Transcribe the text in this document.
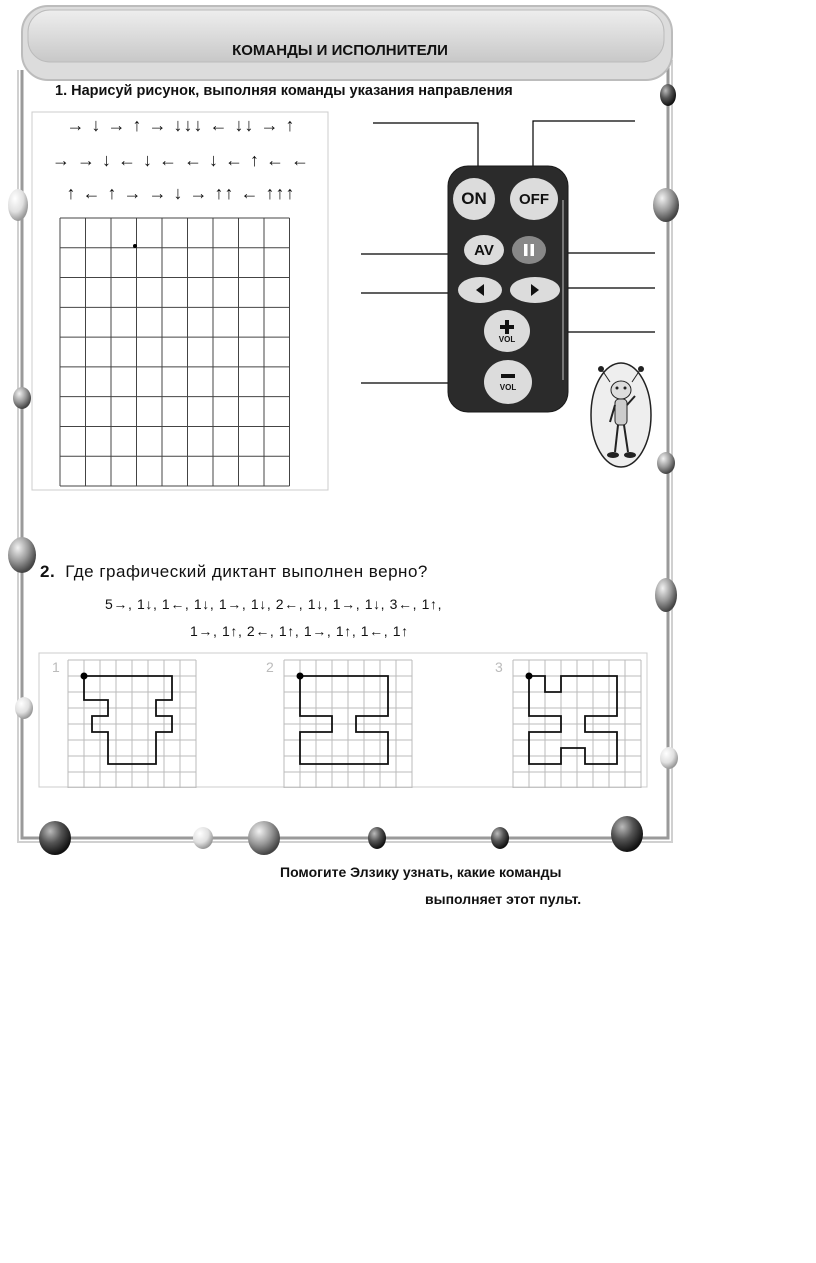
КОМАНДЫ И ИСПОЛНИТЕЛИ
1. Нарисуй рисунок, выполняя команды указания направления
→ ↓ → ↑ → ↓↓↓ ← ↓↓ → ↑
→ → ↓ ← ↓ ← ← ↓ ← ↑ ← ←
↑ ← ↑ → → ↓ → ↑↑ ← ↑↑↑	ON	OFF
AV
VOL
VOL
2. Где графический диктант выполнен верно?
5→, 1↓, 1←, 1↓, 1→, 1↓, 2←, 1↓, 1→, 1↓, 3←, 1↑,
1→, 1↑, 2←, 1↑, 1→, 1↑, 1←, 1↑
1	2	3
Помогите Элзику узнать, какие команды
выполняет этот пульт.
